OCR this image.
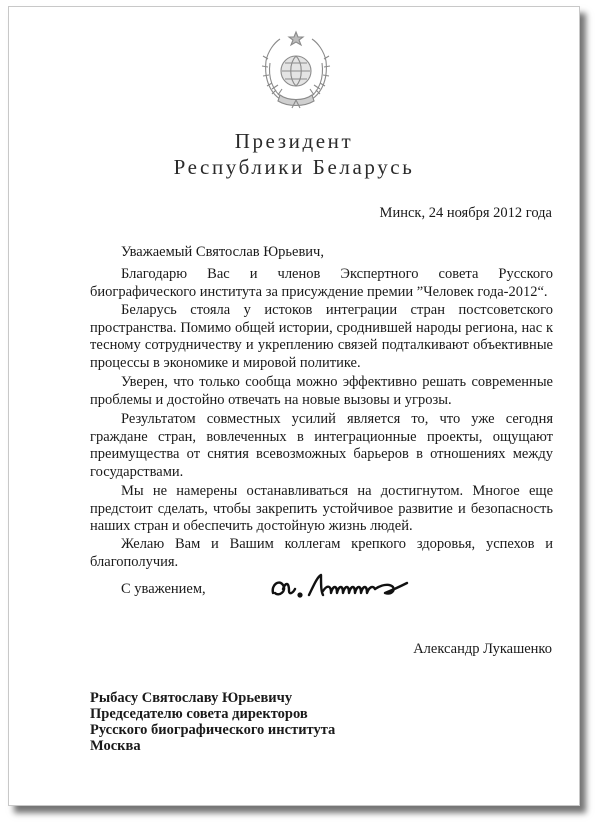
Президент
Республики Беларусь
Минск, 24 ноября 2012 года
Уважаемый Святослав Юрьевич,

Благодарю Вас и членов Экспертного совета Русского биографического института за присуждение премии ”Человек года-2012“.

Беларусь стояла у истоков интеграции стран постсоветского пространства. Помимо общей истории, сроднившей народы региона, нас к тесному сотрудничеству и укреплению связей подталкивают объективные процессы в экономике и мировой политике.

Уверен, что только сообща можно эффективно решать современные проблемы и достойно отвечать на новые вызовы и угрозы.

Результатом совместных усилий является то, что уже сегодня граждане стран, вовлеченных в интеграционные проекты, ощущают преимущества от снятия всевозможных барьеров в отношениях между государствами.

Мы не намерены останавливаться на достигнутом. Многое еще предстоит сделать, чтобы закрепить устойчивое развитие и безопасность наших стран и обеспечить достойную жизнь людей.

Желаю Вам и Вашим коллегам крепкого здоровья, успехов и благополучия.

С уважением,
Александр Лукашенко
Рыбасу Святославу Юрьевичу
Председателю совета директоров
Русского биографического института
Москва
